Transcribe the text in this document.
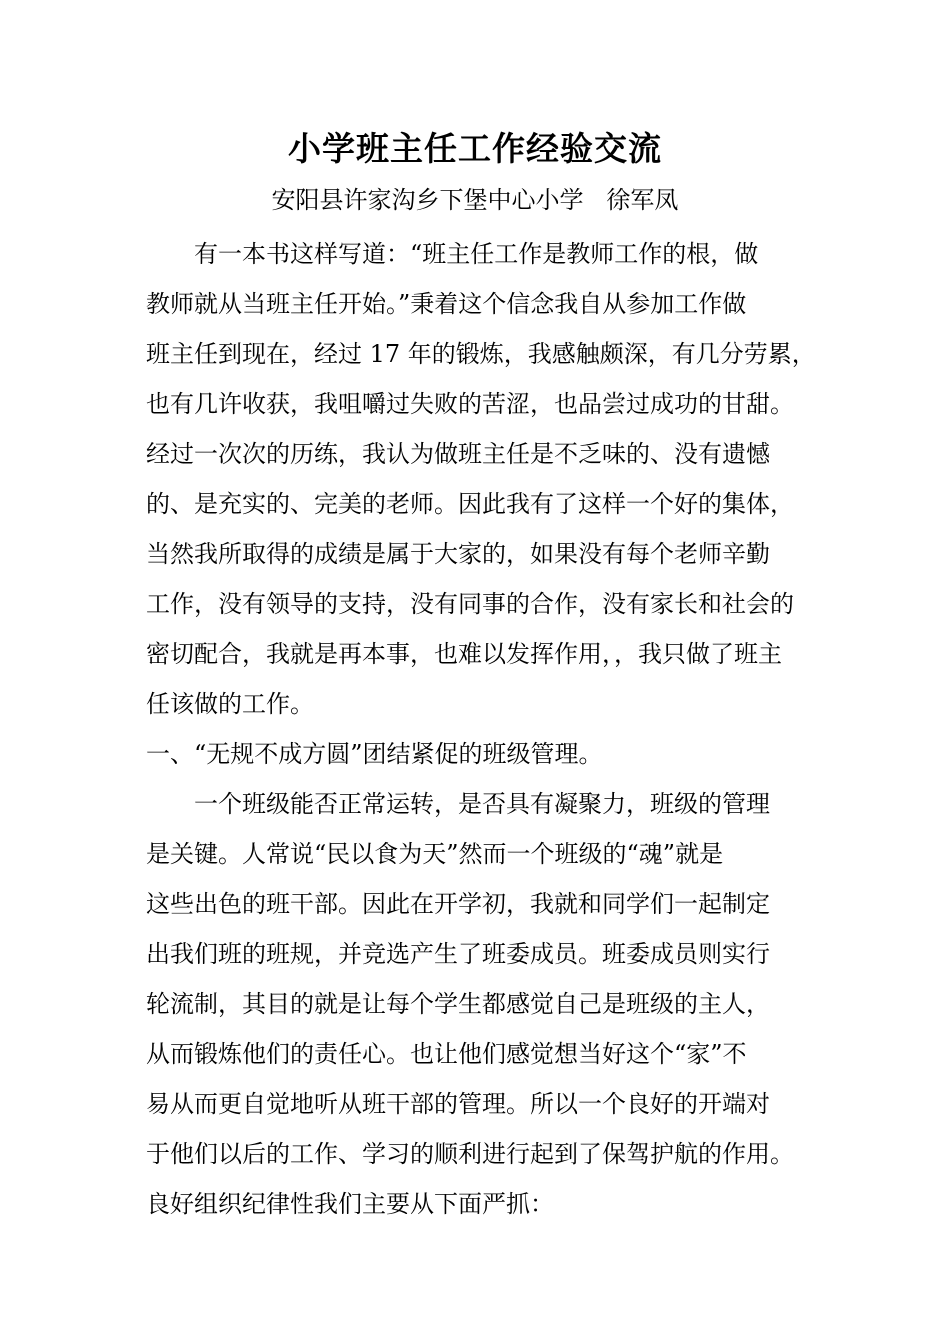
小学班主任工作经验交流
安阳县许家沟乡下堡中心小学   徐军凤
　　有一本书这样写道：“班主任工作是教师工作的根，做
教师就从当班主任开始。”秉着这个信念我自从参加工作做
班主任到现在，经过 17 年的锻炼，我感触颇深，有几分劳累，
也有几许收获，我咀嚼过失败的苦涩，也品尝过成功的甘甜。
经过一次次的历练，我认为做班主任是不乏味的、没有遗憾
的、是充实的、完美的老师。因此我有了这样一个好的集体，
当然我所取得的成绩是属于大家的，如果没有每个老师辛勤
工作，没有领导的支持，没有同事的合作，没有家长和社会的
密切配合，我就是再本事，也难以发挥作用，，我只做了班主
任该做的工作。
一、“无规不成方圆”团结紧促的班级管理。
　　一个班级能否正常运转，是否具有凝聚力，班级的管理
是关键。人常说“民以食为天”然而一个班级的“魂”就是
这些出色的班干部。因此在开学初，我就和同学们一起制定
出我们班的班规，并竞选产生了班委成员。班委成员则实行
轮流制，其目的就是让每个学生都感觉自己是班级的主人，
从而锻炼他们的责任心。也让他们感觉想当好这个“家”不
易从而更自觉地听从班干部的管理。所以一个良好的开端对
于他们以后的工作、学习的顺利进行起到了保驾护航的作用。
良好组织纪律性我们主要从下面严抓：
